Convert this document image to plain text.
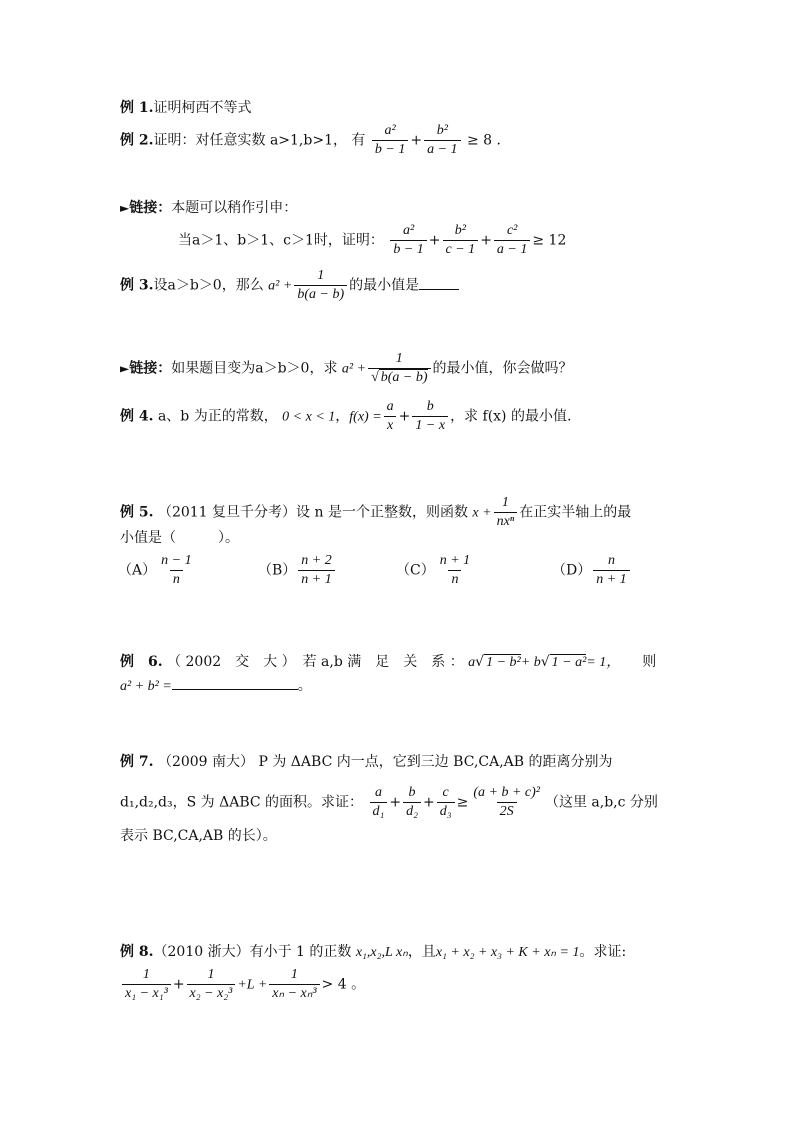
例 1.证明柯西不等式
例 2.证明：对任意实数 a>1,b>1， 有 $\frac{\text{a²}}{b - 1} + \frac{\text{b²}}{a - 1} \ge 8$ ．
►链接：本题可以稍作引申：
当a＞1、b＞1、c＞1时，证明： $\frac{\text{a²}}{b - 1} + \frac{\text{b²}}{c - 1} + \frac{\text{c²}}{a - 1} \ge 12$
例 3.设a＞b＞0，那么 $a^2 + \frac{1}{b(a - b)}$ 的最小值是
►链接：如果题目变为a＞b＞0，求 $a^2 + \frac{1}{√ b(a - b)}$ 的最小值，你会做吗？
例 4. a、b 为正的常数， 0 < x < 1，$f(x) = \frac{a}{x} + \frac{b}{1 - x}$ ，求 f(x) 的最小值.
例 5. （2011 复旦千分考）设 n 是一个正整数，则函数 $x + \frac{1}{\text{nxⁿ}}$ 在正实半轴上的最
小值是（　　　）。
$(A) \frac{n - 1}{n}$	$(B) \frac{n + 2}{n + 1}$	$(C) \frac{n + 1}{n}$	$(D) \frac{n}{n + 1}$
例　6. （ 2002　交　大 ）　若 a,b 满　足　关　系 ： a√ 1 − b²+ b√ 1 − a²= 1， 则
a² + b² =	。
例 7. （2009 南大） P 为 ΔABC 内一点，它到三边 BC,CA,AB 的距离分别为
d₁,d₂,d₃，S 为 ΔABC 的面积。求证： $\frac{a}{\text{d₁}} + \frac{b}{\text{d₂}} + \frac{c}{\text{d₃}} \ge \frac{\text{(a + b + c)²}}{2S}$ （这里 a,b,c 分别
表示 BC,CA,AB 的长）。
例 8.（2010 浙大）有小于 1 的正数 x₁,x₂,L xₙ，且x₁ + x₂ + x₃ + K + xₙ = 1。求证:
$\frac{1}{\text{x₁ − x₁³}} + \frac{1}{\text{x₂ − x₂³}} +L + \frac{1}{\text{xₙ − xₙ³}} > 4$ 。
